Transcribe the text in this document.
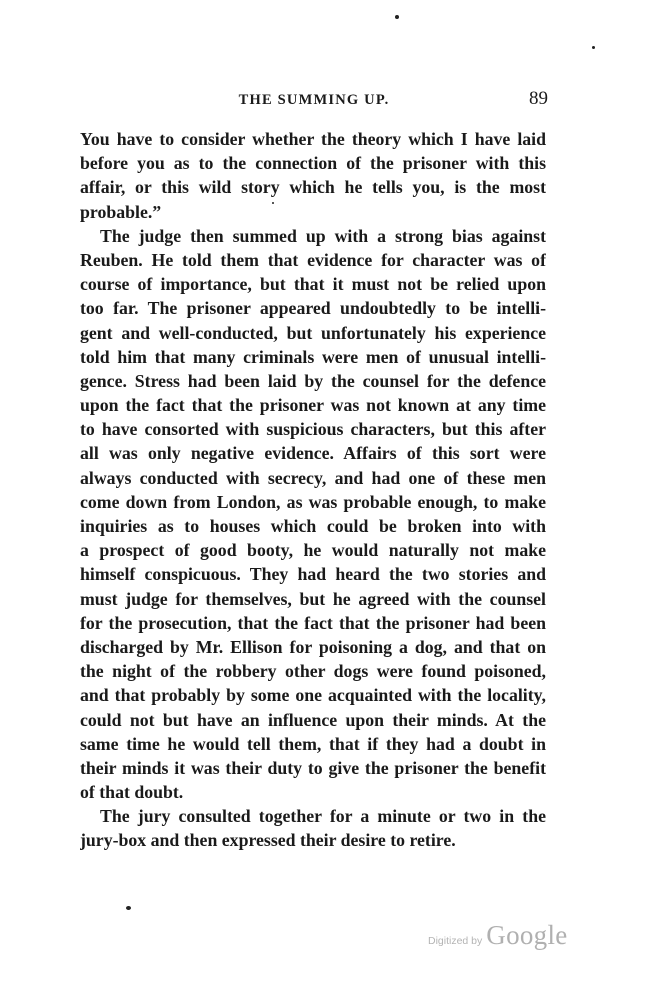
THE SUMMING UP.	89
You have to consider whether the theory which I have laid
before you as to the connection of the prisoner with this
affair, or this wild story which he tells you, is the most
probable.”
The judge then summed up with a strong bias against
Reuben. He told them that evidence for character was of
course of importance, but that it must not be relied upon
too far. The prisoner appeared undoubtedly to be intelli-
gent and well-conducted, but unfortunately his experience
told him that many criminals were men of unusual intelli-
gence. Stress had been laid by the counsel for the defence
upon the fact that the prisoner was not known at any time
to have consorted with suspicious characters, but this after
all was only negative evidence. Affairs of this sort were
always conducted with secrecy, and had one of these men
come down from London, as was probable enough, to make
inquiries as to houses which could be broken into with
a prospect of good booty, he would naturally not make
himself conspicuous. They had heard the two stories and
must judge for themselves, but he agreed with the counsel
for the prosecution, that the fact that the prisoner had been
discharged by Mr. Ellison for poisoning a dog, and that on
the night of the robbery other dogs were found poisoned,
and that probably by some one acquainted with the locality,
could not but have an influence upon their minds. At the
same time he would tell them, that if they had a doubt in
their minds it was their duty to give the prisoner the benefit
of that doubt.
The jury consulted together for a minute or two in the
jury-box and then expressed their desire to retire.
Digitized by Google
